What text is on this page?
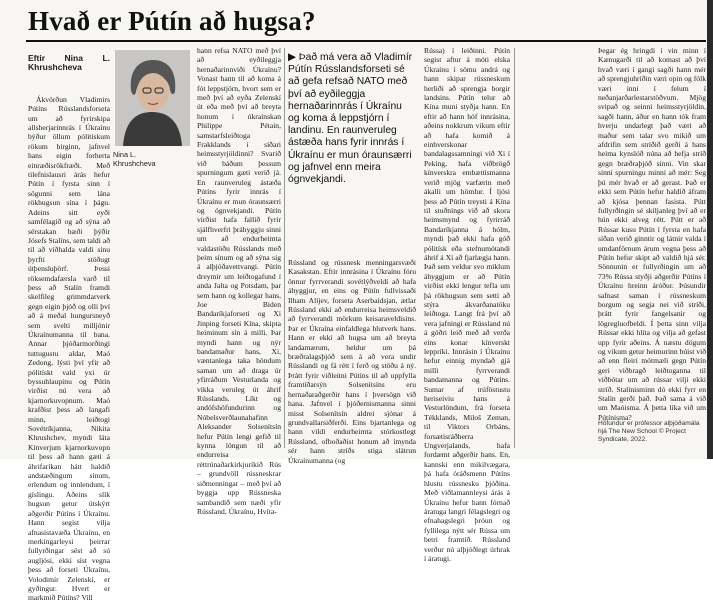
Hvað er Pútín að hugsa?
Eftir Nina L. Khrushcheva
Ákvörðun Vladimirs Pútíns Rússlandsforseta um að fyrirskipa allsherjarinnrás í Úkraínu býður öllum pólitískum rökum birginn, jafnvel hans eigin forherta einræðisrökfræði. Með tilefnislausri árás hefur Pútín í fyrsta sinn í sögunni sem lána rökhugsun sína í þágu. Adeins sitt eyði samfélagið og að sýna að sérstakan bæði þýðir Jósefs Stalíns, sem taldi að til að viðhalda valdi sínu þyrfti stöðugt útþensluþörf. Þessi röksemdafærsla varð til þess að Stalín framdi skelfileg grimmdarverk gegn eigin þjóð og olli því að á meðal hungursneyð sem svelti milljónir Úkraínumanna til bana. Annar þjóðarmorðingi tuttugustu aldar, Maó Zedong, lýsti því yfir að pólitískt vald yxi úr byssuhlaupinu og Pútín virðist nú vera að kjarnorkuvopnum. Maó krafðist þess að langafi minn, leiðtogi Sovétríkjanna, Nikita Khrushchev, myndi láta Kínverjum kjarnorkuvopn til þess að hann gæti á áhrifaríkan hátt haldið andstæðingum sínum, erlendum og innlendum, í gíslingu. Aðeins slík hugsun getur útskýrt aðgerðir Pútíns í Úkraínu. Hann segist vilja afnasistavæða Úkraínu, en merkingarleysi þeirrar fullyrðingar sést að sú augljósi, ekki síst vegna þess að forseti Úkraínu, Volodimír Zelenskí, er gyðingur. Hvert er markmið Pútíns? Vill
Nina L.
Khrushcheva
hann refsa NATO með því að eyðileggja hernaðarinnviði Úkraínu? Vonast hann til að koma á fót leppstjórn, hvort sem er með því að eyða Zelenskí út eða með því að breyta honum í úkraínskan Philippe Pétain, samstarfsleiðtoga Frakklands í síðari heimsstyrjöldinni? Svarið við báðum þessum spurningum gæti verið já. En raunveruleg ástæða Pútíns fyrir innrás í Úkraínu er mun óraunsærri og ógnvekjandi. Pútín virðist hafa fallið fyrir sjálfhverfri þráhyggju sinni um að endurheimta valdastöðu Rússlands með þeim sínum og að sýna sig á alþjóðavettvangi. Pútín dreymir um leiðtogafund í anda Jalta og Potsdam, þar sem hann og kollegar hans, Joe Biden Bandaríkjaforseti og Xi Jinping forseti Kína, skipta heiminum sín á milli. Þar myndi hann og nýr bandamaður hans, Xi, væntanlega taka höndum saman um að draga úr yfirráðum Vesturlanda og vikka veruleg út áhrif Rússlands. Líkt og andófshöfundurinn og Nóbelsverðlaunahafinn Aleksander Solsenítsín hefur Pútín lengi gefið til kynna löngun til að endurreisa réttrúnaðarkirkjuríkið Rús – grundvöll rússneskrar siðmenningar – með því að byggja upp Rússneska sambandið sem næði yfir Rússland, Úkraínu, Hvíta-
▶ Það má vera að Vladimír Pútín Rússlandsforseti sé að gefa refsað NATO með því að eyðileggja hernaðarinnrás í Úkraínu og koma á leppstjórn í landinu. En raunveruleg ástæða hans fyrir innrás í Úkraínu er mun óraunsærri og jafnvel enn meira ógnvekjandi.
Rússland og rússnesk menningarsvæði Kasakstan. Eftir innrásina í Úkraínu fóru önnur fyrrverandi sovétlýðveldi að hafa áhyggjur, en eins og Pútín fullvissaði Ilham Alíjev, forseta Aserbaídsjan, ætlar Rússland ekki að endurreisa heimsveldið að fyrrverandi mörkum keisaraveldisins. Þar er Úkraína einfaldlega hlutverk hans. Hann er ekki að hugsa um að breyta landamærum, heldur um þá bræðralagsþjóð sem á að vera undir Rússlandi og fá rétt í ferð og stöðu á ný. Þrátt fyrir viðleitni Pútíns til að uppfylla framtíðarsýn Solsenítsíns eru hernaðaraðgerðir hans í þversögn við hana. Jafnvel í þjóðernismanna sinni misst Solsenítsín aldrei sjónar á grundvallarsiðferði. Eins bjartanlega og hann vildi endurheimta stórkostlegt Rússland, ofboðaðist honum að ímynda sér hann stríðs stiga slátrun Úkraínumanna (og
Rússa) í leiðinni. Pútín segist aftur á móti elska Úkraínu í sömu andrá og hann skipar rússneskum herliði að sprengja borgir landsins. Pútín telur að Kína muni styðja hann. En eftir að hann hóf innrásina, aðeins nokkrum vikum eftir að hafa komið á einhverskonar bandalagssamningi við Xi í Peking, hafa viðbrögð kínverskra embættismanna verið mjög varfærin með ákalli um hömlur. Í ljósi þess að Pútín treysti á Kína til stuðnings við að skora heimsmynd og fyrirráð Bandaríkjanna á hólm, myndi það ekki hafa góð pólitísk eða stefnumótandi áhrif á Xi að fjarlægja hann. Það sem veldur svo miklum áhyggjum er að Pútín virðist ekki lengur tefla um þá rökhugsun sem setti að stýra ákvarðanatöku leiðtoga. Langt frá því að vera jafningi er Rússland nú á góðri leið með að verða eins konar kínverskt leppríki. Innrásin í Úkraínu hefur einnig myndað gjá milli fyrrverandi bandamanna og Pútíns. Sumar af trúföstustu heriseiviu hans á Vesturlöndum, frá forseta Tékklands, Miloš Zeman, til Viktors Orbáns, forsætisráðherra Ungverjalands, hafa fordæmt aðgerðir hans. En, kannski enn mikilvægara, þá hafa óráðsmenn Pútíns hlustu rússnesku þjóðina. Með viðlamannleysi árás á Úkraínu hefur hann fórnað áratuga langri félagslegri og efnahagslegri þróun og fyllilega nýtt sér Rússa um betri framtíð. Rússland verður nú alþjóðlegt úrhrak í áratugi.
Þegar ég hringdi í vin minn í Kænugarði til að komast að því hvað væri í gangi sagði hann mér að sprengjuhríðin væri opin og fólk væri inni í felum í neðanjarðarlestarstöðvum. Mjög svipað og seinni heimsstyrjöldin, sagði hann, áður en hann tók fram hverju undarlegt það væri að maður sem talar svo mikið um afdrifin sem stríðið gerði á hans heima kynslóð núna að hefja stríð gegn bræðraþjóð sinni. Vin skar sinni spurningu minni að mér: Seg þú mér hvað er að gerast. Það er ekki sem Pútín hefur haldið áfram að kjósa þennan fasista. Pútt fullyrðingin sé skiljanleg því að er hún ekki alveg rétt. Pútt er að Rússar kusu Pútín í fyrsta en hafa síðan verið ginntir og látnir valda í umdanförnum árum vegna þess að Pútín hefur skipt að valdið hjá sér. Sönnunin er fullyrðingin um að 73% Rússa styðji aðgerðir Pútíns í Úkraínu hreinn áróður. Þúsundir safnast saman í rússneskum borgum og segja nei við stríði, þrátt fyrir fangelsanir og lögregluofbeldi. Í þetta sinn vilja Rússar ekki hlíta og vilja að gefast upp fyrir aðeins. Á næstu dögum og vikum getur heimurinn búist við að enn fleiri mótmæli gegn Pútín geri viðbragð leiðtoganna til viðbótar um að rússar vilji ekki stríð. Stalínisminn dó ekki fyrr en Stalín gerði það. Það sama á við um Maóisma. Á þetta líka við um Pútínisma?
Höfundur er prófessor alþjóðamála hjá The New School © Project Syndicate, 2022.
